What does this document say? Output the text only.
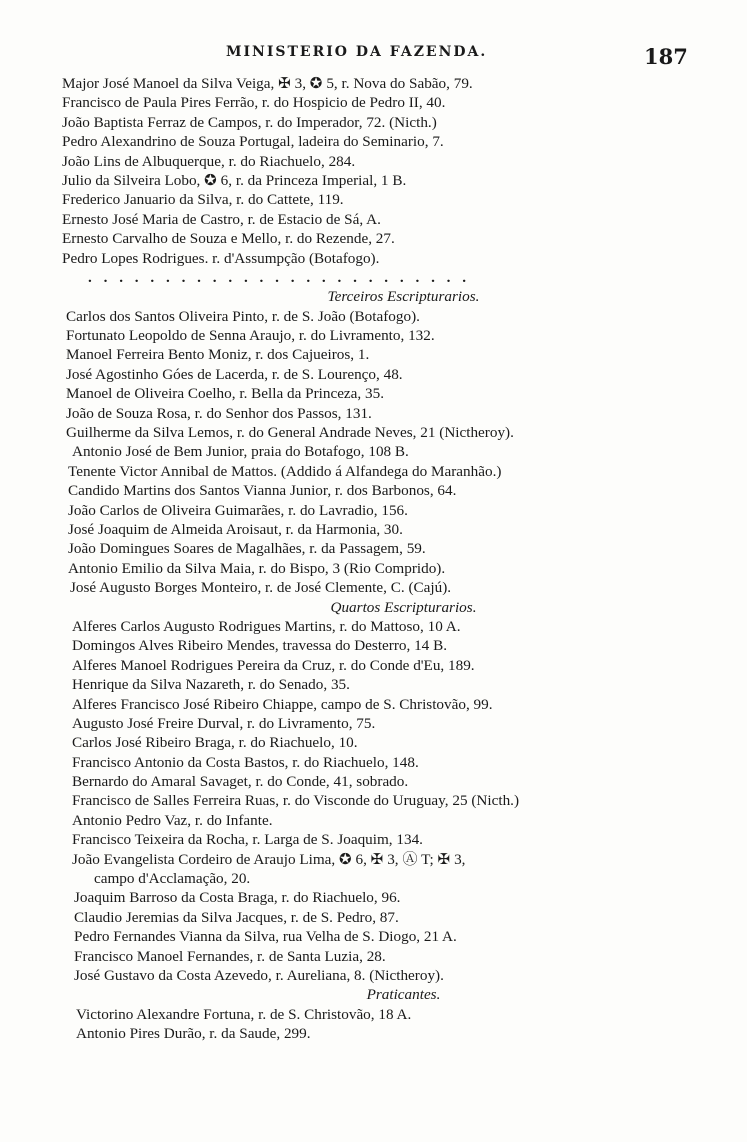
MINISTERIO DA FAZENDA.	187
Major José Manoel da Silva Veiga, ✠ 3, ✪ 5, r. Nova do Sabão, 79.
Francisco de Paula Pires Ferrão, r. do Hospicio de Pedro II, 40.
João Baptista Ferraz de Campos, r. do Imperador, 72. (Nicth.)
Pedro Alexandrino de Souza Portugal, ladeira do Seminario, 7.
João Lins de Albuquerque, r. do Riachuelo, 284.
Julio da Silveira Lobo, ✪ 6, r. da Princeza Imperial, 1 B.
Frederico Januario da Silva, r. do Cattete, 119.
Ernesto José Maria de Castro, r. de Estacio de Sá, A.
Ernesto Carvalho de Souza e Mello, r. do Rezende, 27.
Pedro Lopes Rodrigues. r. d'Assumpção (Botafogo).
. . . . . . . . . . . . . . . . . . . . . . . . .
Terceiros Escripturarios.
Carlos dos Santos Oliveira Pinto, r. de S. João (Botafogo).
Fortunato Leopoldo de Senna Araujo, r. do Livramento, 132.
Manoel Ferreira Bento Moniz, r. dos Cajueiros, 1.
José Agostinho Góes de Lacerda, r. de S. Lourenço, 48.
Manoel de Oliveira Coelho, r. Bella da Princeza, 35.
João de Souza Rosa, r. do Senhor dos Passos, 131.
Guilherme da Silva Lemos, r. do General Andrade Neves, 21 (Nictheroy).
Antonio José de Bem Junior, praia do Botafogo, 108 B.
Tenente Victor Annibal de Mattos. (Addido á Alfandega do Maranhão.)
Candido Martins dos Santos Vianna Junior, r. dos Barbonos, 64.
João Carlos de Oliveira Guimarães, r. do Lavradio, 156.
José Joaquim de Almeida Aroisaut, r. da Harmonia, 30.
João Domingues Soares de Magalhães, r. da Passagem, 59.
Antonio Emilio da Silva Maia, r. do Bispo, 3 (Rio Comprido).
José Augusto Borges Monteiro, r. de José Clemente, C. (Cajú).
Quartos Escripturarios.
Alferes Carlos Augusto Rodrigues Martins, r. do Mattoso, 10 A.
Domingos Alves Ribeiro Mendes, travessa do Desterro, 14 B.
Alferes Manoel Rodrigues Pereira da Cruz, r. do Conde d'Eu, 189.
Henrique da Silva Nazareth, r. do Senado, 35.
Alferes Francisco José Ribeiro Chiappe, campo de S. Christovão, 99.
Augusto José Freire Durval, r. do Livramento, 75.
Carlos José Ribeiro Braga, r. do Riachuelo, 10.
Francisco Antonio da Costa Bastos, r. do Riachuelo, 148.
Bernardo do Amaral Savaget, r. do Conde, 41, sobrado.
Francisco de Salles Ferreira Ruas, r. do Visconde do Uruguay, 25 (Nicth.)
Antonio Pedro Vaz, r. do Infante.
Francisco Teixeira da Rocha, r. Larga de S. Joaquim, 134.
João Evangelista Cordeiro de Araujo Lima, ✪ 6, ✠ 3, Ⓐ T; ✠ 3,
campo d'Acclamação, 20.
Joaquim Barroso da Costa Braga, r. do Riachuelo, 96.
Claudio Jeremias da Silva Jacques, r. de S. Pedro, 87.
Pedro Fernandes Vianna da Silva, rua Velha de S. Diogo, 21 A.
Francisco Manoel Fernandes, r. de Santa Luzia, 28.
José Gustavo da Costa Azevedo, r. Aureliana, 8. (Nictheroy).
Praticantes.
Victorino Alexandre Fortuna, r. de S. Christovão, 18 A.
Antonio Pires Durão, r. da Saude, 299.
